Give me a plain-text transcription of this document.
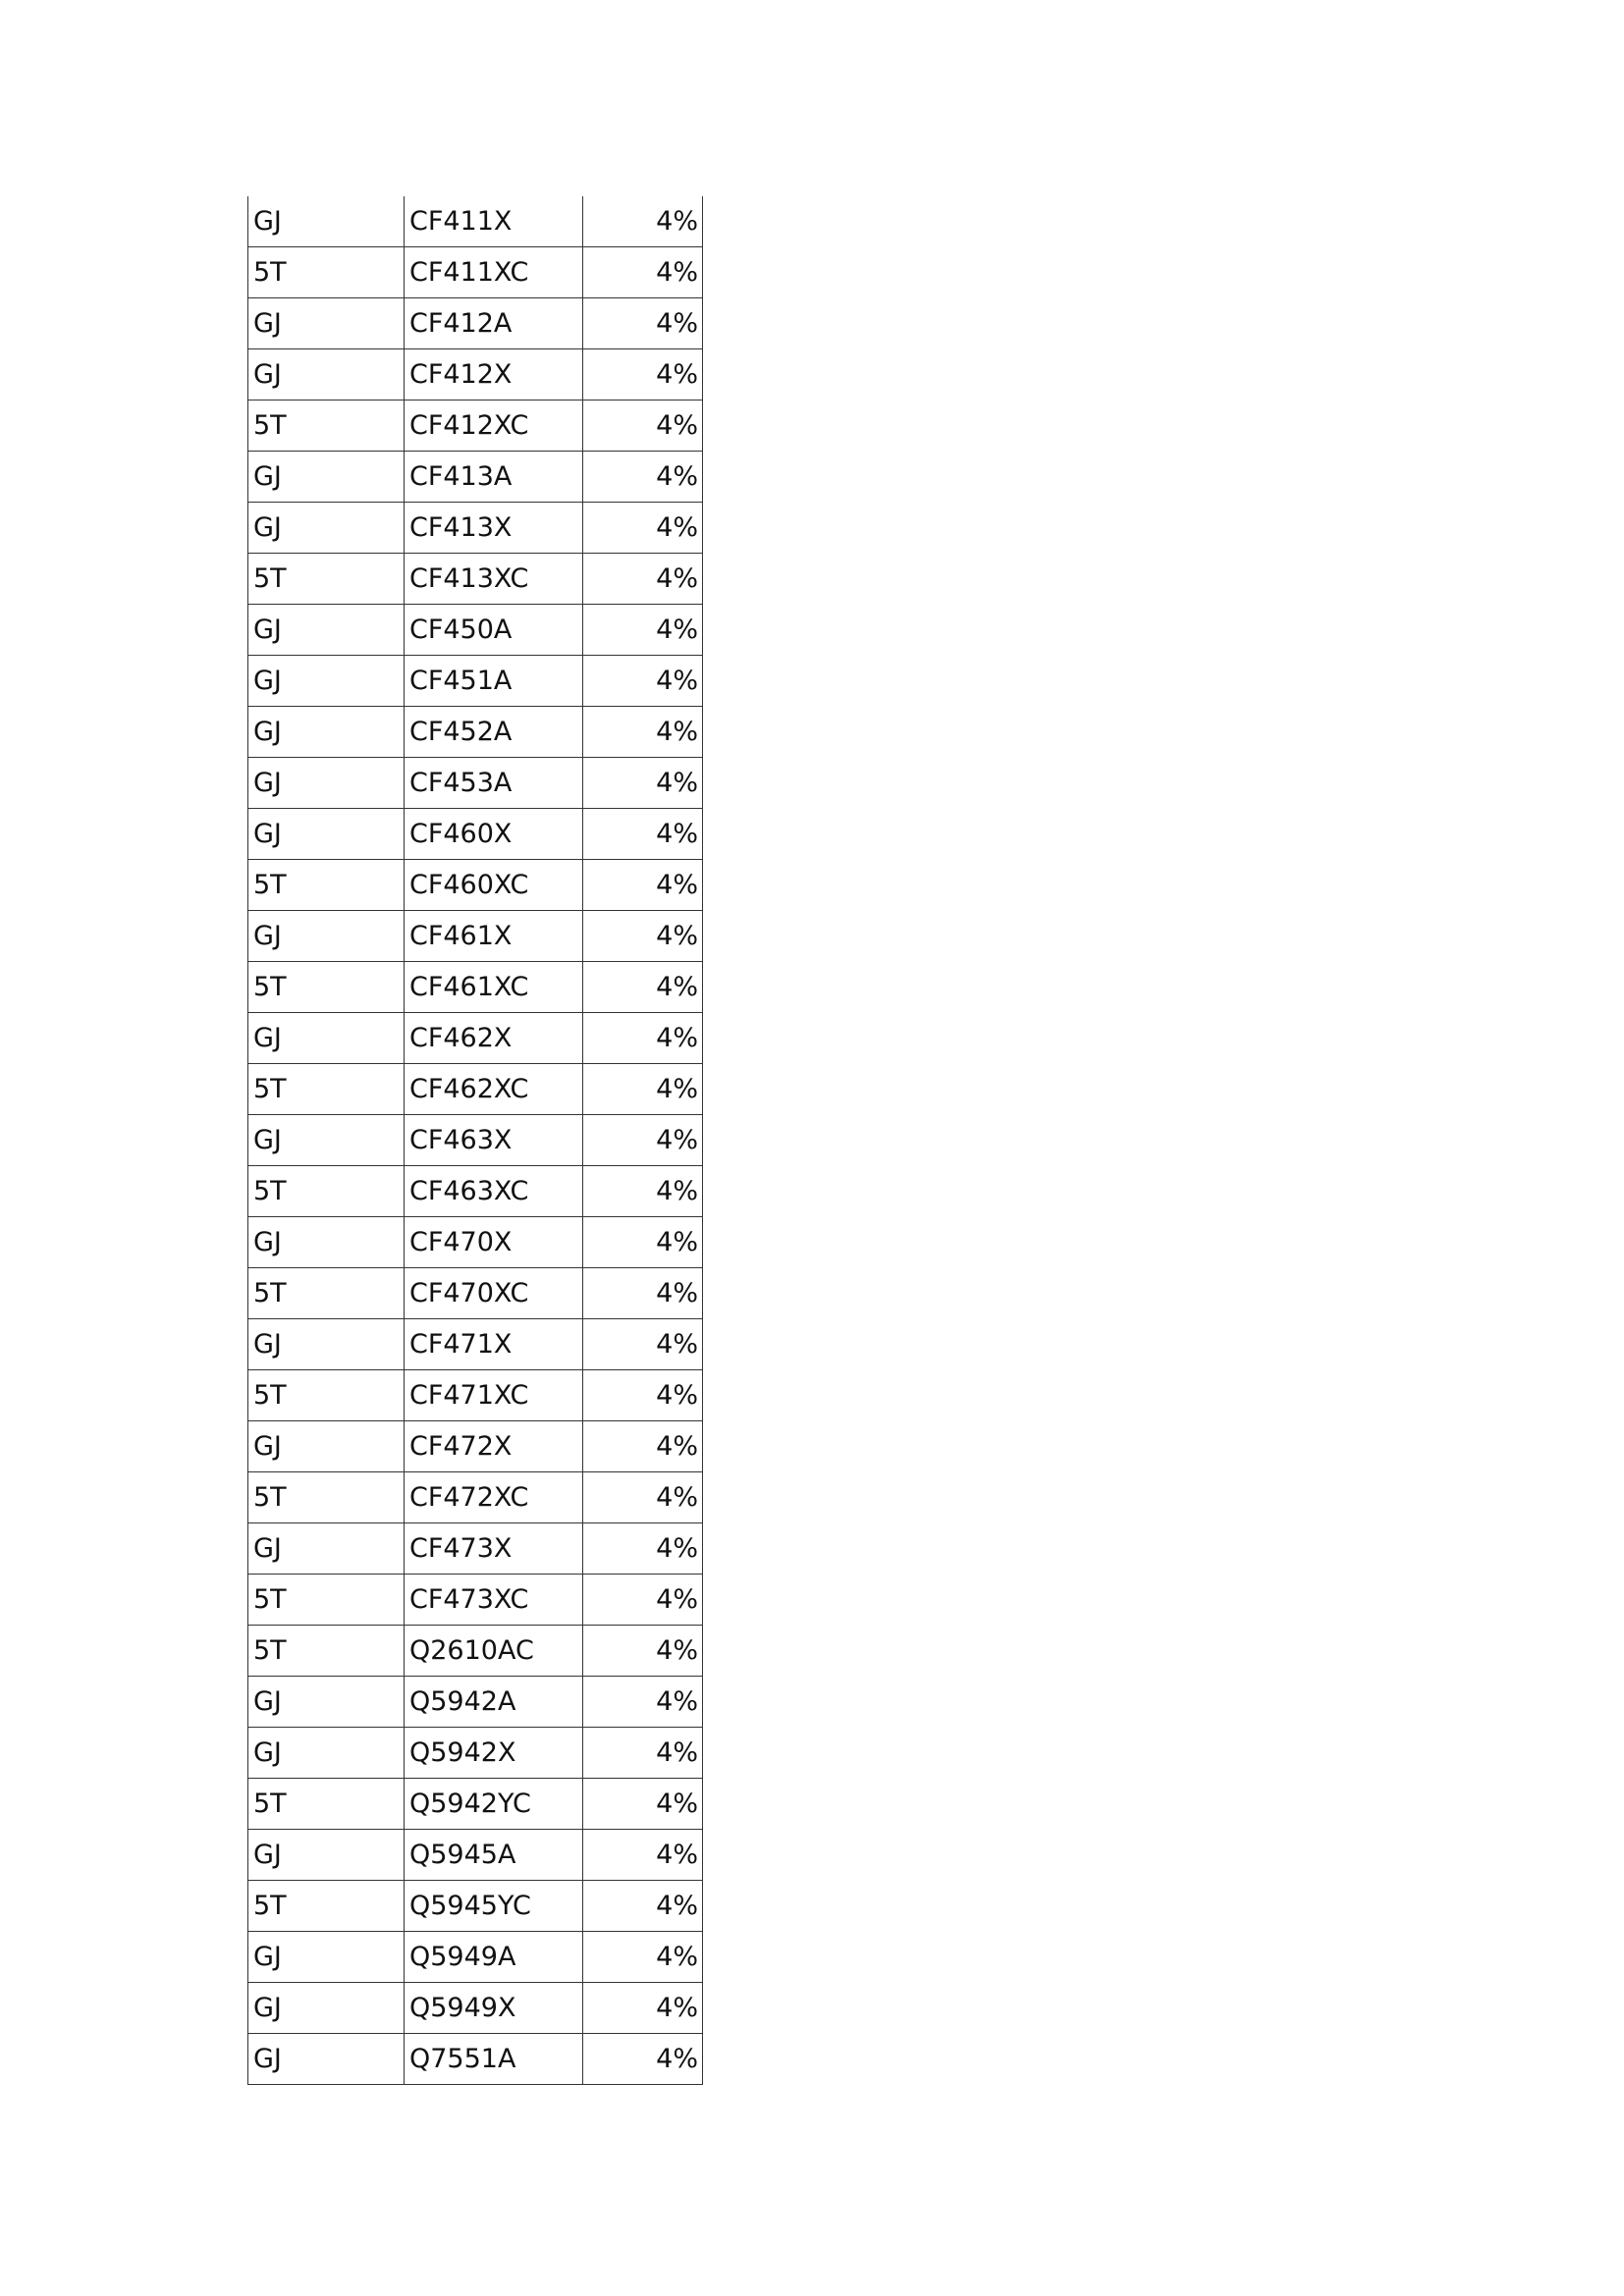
GJ	CF411X	4%
5T	CF411XC	4%
GJ	CF412A	4%
GJ	CF412X	4%
5T	CF412XC	4%
GJ	CF413A	4%
GJ	CF413X	4%
5T	CF413XC	4%
GJ	CF450A	4%
GJ	CF451A	4%
GJ	CF452A	4%
GJ	CF453A	4%
GJ	CF460X	4%
5T	CF460XC	4%
GJ	CF461X	4%
5T	CF461XC	4%
GJ	CF462X	4%
5T	CF462XC	4%
GJ	CF463X	4%
5T	CF463XC	4%
GJ	CF470X	4%
5T	CF470XC	4%
GJ	CF471X	4%
5T	CF471XC	4%
GJ	CF472X	4%
5T	CF472XC	4%
GJ	CF473X	4%
5T	CF473XC	4%
5T	Q2610AC	4%
GJ	Q5942A	4%
GJ	Q5942X	4%
5T	Q5942YC	4%
GJ	Q5945A	4%
5T	Q5945YC	4%
GJ	Q5949A	4%
GJ	Q5949X	4%
GJ	Q7551A	4%
